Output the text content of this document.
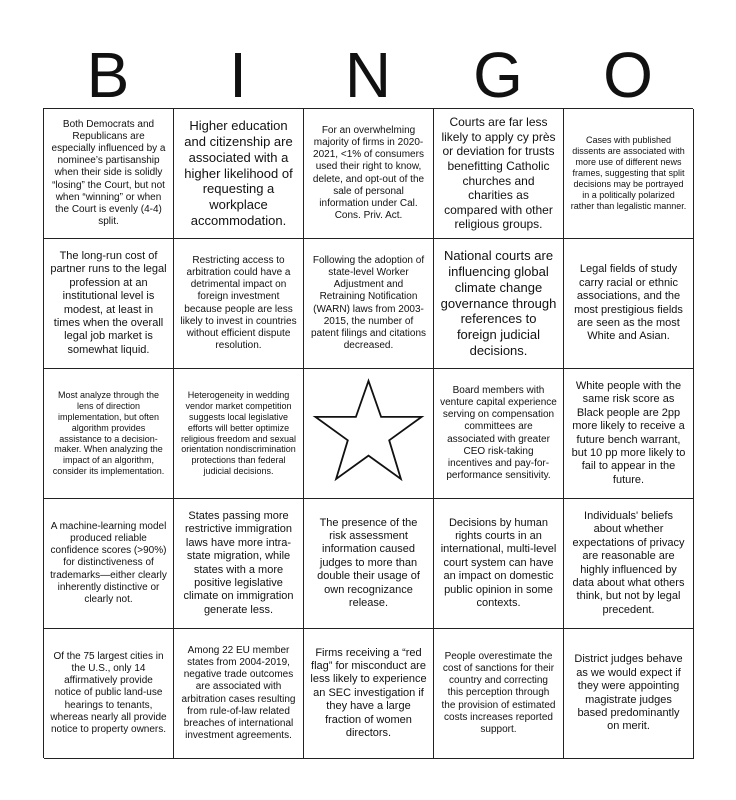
B	I	N	G	O
Both Democrats and Republicans are especially influenced by a nominee’s partisanship when their side is solidly “losing” the Court, but not when “winning” or when the Court is evenly (4-4) split.
Higher education and citizenship are associated with a higher likelihood of requesting a workplace accommodation.
For an overwhelming majority of firms in 2020-2021, <1% of consumers used their right to know, delete, and opt-out of the sale of personal information under Cal. Cons. Priv. Act.
Courts are far less likely to apply cy près or deviation for trusts benefitting Catholic churches and charities as compared with other religious groups.
Cases with published dissents are associated with more use of different news frames, suggesting that split decisions may be portrayed in a politically polarized rather than legalistic manner.
The long-run cost of partner runs to the legal profession at an institutional level is modest, at least in times when the overall legal job market is somewhat liquid.
Restricting access to arbitration could have a detrimental impact on foreign investment because people are less likely to invest in countries without efficient dispute resolution.
Following the adoption of state-level Worker Adjustment and Retraining Notification (WARN) laws from 2003-2015, the number of patent filings and citations decreased.
National courts are influencing global climate change governance through references to foreign judicial decisions.
Legal fields of study carry racial or ethnic associations, and the most prestigious fields are seen as the most White and Asian.
Most analyze through the lens of direction implementation, but often algorithm provides assistance to a decision-maker. When analyzing the impact of an algorithm, consider its implementation.
Heterogeneity in wedding vendor market competition suggests local legislative efforts will better optimize religious freedom and sexual orientation nondiscrimination protections than federal judicial decisions.
Board members with venture capital experience serving on compensation committees are associated with greater CEO risk-taking incentives and pay-for-performance sensitivity.
White people with the same risk score as Black people are 2pp more likely to receive a future bench warrant, but 10 pp more likely to fail to appear in the future.
A machine-learning model produced reliable confidence scores (>90%) for distinctiveness of trademarks—either clearly inherently distinctive or clearly not.
States passing more restrictive immigration laws have more intra-state migration, while states with a more positive legislative climate on immigration generate less.
The presence of the risk assessment information caused judges to more than double their usage of own recognizance release.
Decisions by human rights courts in an international, multi-level court system can have an impact on domestic public opinion in some contexts.
Individuals' beliefs about whether expectations of privacy are reasonable are highly influenced by data about what others think, but not by legal precedent.
Of the 75 largest cities in the U.S., only 14 affirmatively provide notice of public land-use hearings to tenants, whereas nearly all provide notice to property owners.
Among 22 EU member states from 2004-2019, negative trade outcomes are associated with arbitration cases resulting from rule-of-law related breaches of international investment agreements.
Firms receiving a “red flag” for misconduct are less likely to experience an SEC investigation if they have a large fraction of women directors.
People overestimate the cost of sanctions for their country and correcting this perception through the provision of estimated costs increases reported support.
District judges behave as we would expect if they were appointing magistrate judges based predominantly on merit.
